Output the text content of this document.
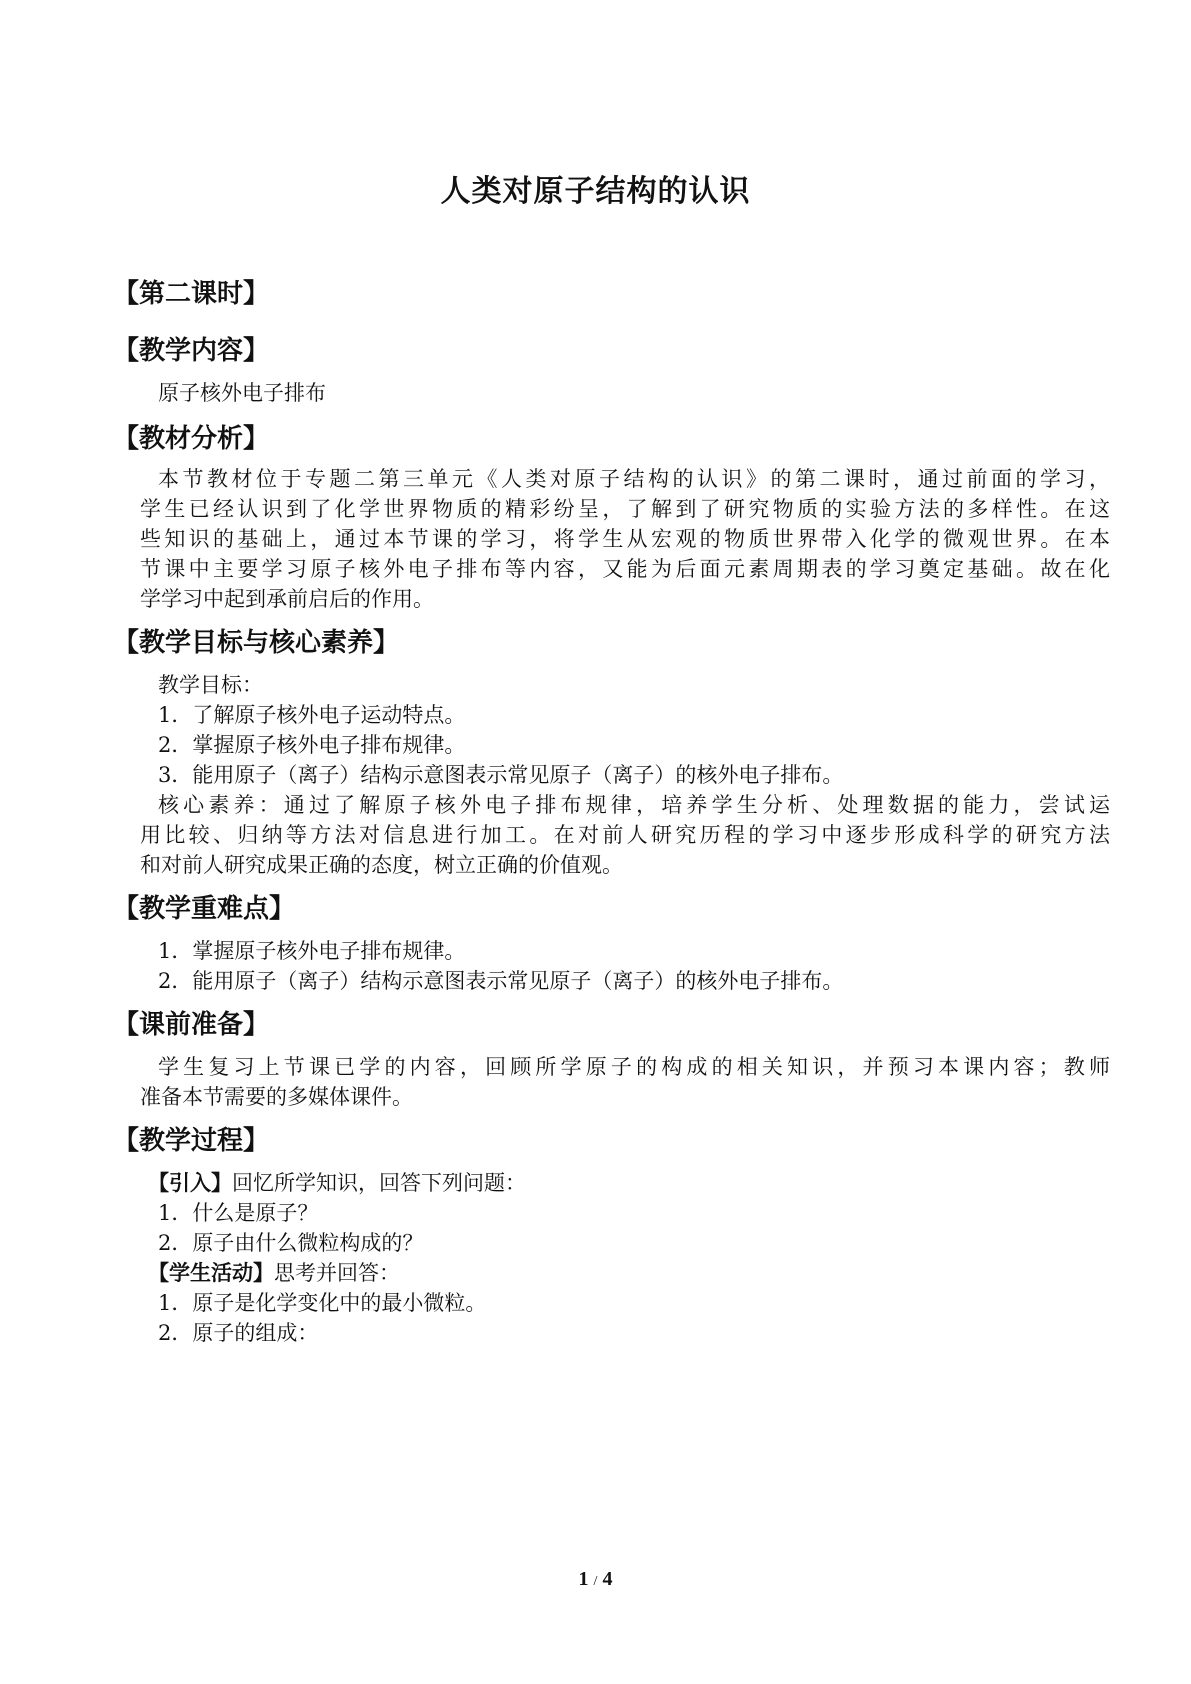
人类对原子结构的认识
【第二课时】
【教学内容】
原子核外电子排布
【教材分析】
本节教材位于专题二第三单元《人类对原子结构的认识》的第二课时，通过前面的学习，
学生已经认识到了化学世界物质的精彩纷呈，了解到了研究物质的实验方法的多样性。在这
些知识的基础上，通过本节课的学习，将学生从宏观的物质世界带入化学的微观世界。在本
节课中主要学习原子核外电子排布等内容，又能为后面元素周期表的学习奠定基础。故在化
学学习中起到承前启后的作用。
【教学目标与核心素养】
教学目标：
1．了解原子核外电子运动特点。
2．掌握原子核外电子排布规律。
3．能用原子（离子）结构示意图表示常见原子（离子）的核外电子排布。
核心素养：通过了解原子核外电子排布规律，培养学生分析、处理数据的能力，尝试运
用比较、归纳等方法对信息进行加工。在对前人研究历程的学习中逐步形成科学的研究方法
和对前人研究成果正确的态度，树立正确的价值观。
【教学重难点】
1．掌握原子核外电子排布规律。
2．能用原子（离子）结构示意图表示常见原子（离子）的核外电子排布。
【课前准备】
学生复习上节课已学的内容，回顾所学原子的构成的相关知识，并预习本课内容；教师
准备本节需要的多媒体课件。
【教学过程】
【引入】回忆所学知识，回答下列问题：
1．什么是原子？
2．原子由什么微粒构成的？
【学生活动】思考并回答：
1．原子是化学变化中的最小微粒。
2．原子的组成：
1 / 4
